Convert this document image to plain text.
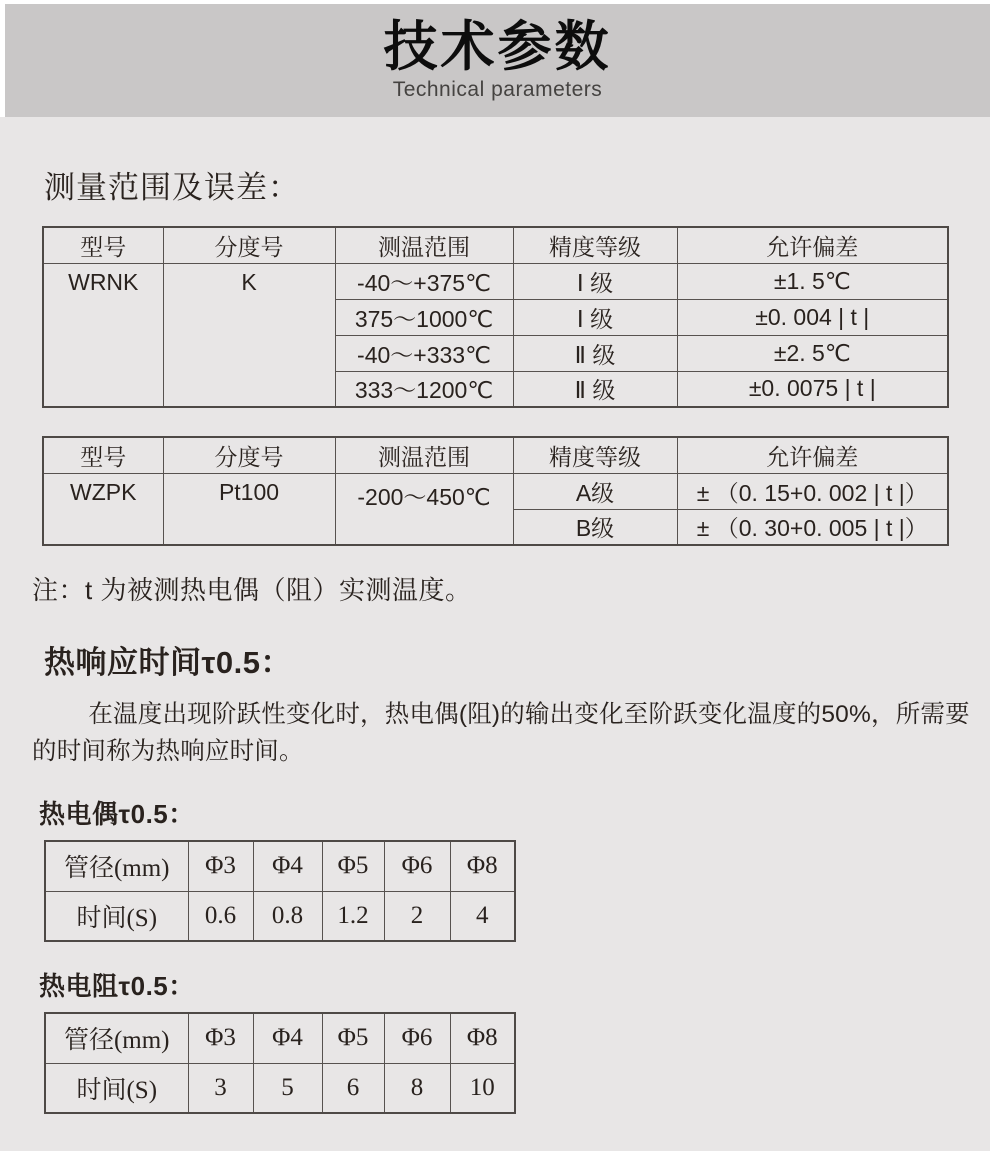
技术参数
Technical parameters
测量范围及误差：
型号	分度号	测温范围	精度等级	允许偏差
WRNK	K	-40～+375℃	Ⅰ 级	±1. 5℃
		375～1000℃	Ⅰ 级	±0. 004 | t |
		-40～+333℃	Ⅱ 级	±2. 5℃
		333～1200℃	Ⅱ 级	±0. 0075 | t |
型号	分度号	测温范围	精度等级	允许偏差
WZPK	Pt100	-200～450℃	A级	± （0. 15+0. 002 | t |）
			B级	± （0. 30+0. 005 | t |）

注：t 为被测热电偶（阻）实测温度。

热响应时间τ0.5：

在温度出现阶跃性变化时，热电偶(阻)的输出变化至阶跃变化温度的50%，所需要的时间称为热响应时间。

热电偶τ0.5：
管径(mm)	Φ3	Φ4	Φ5	Φ6	Φ8
时间(S)	0.6	0.8	1.2	2	4
热电阻τ0.5：
管径(mm)	Φ3	Φ4	Φ5	Φ6	Φ8
时间(S)	3	5	6	8	10
